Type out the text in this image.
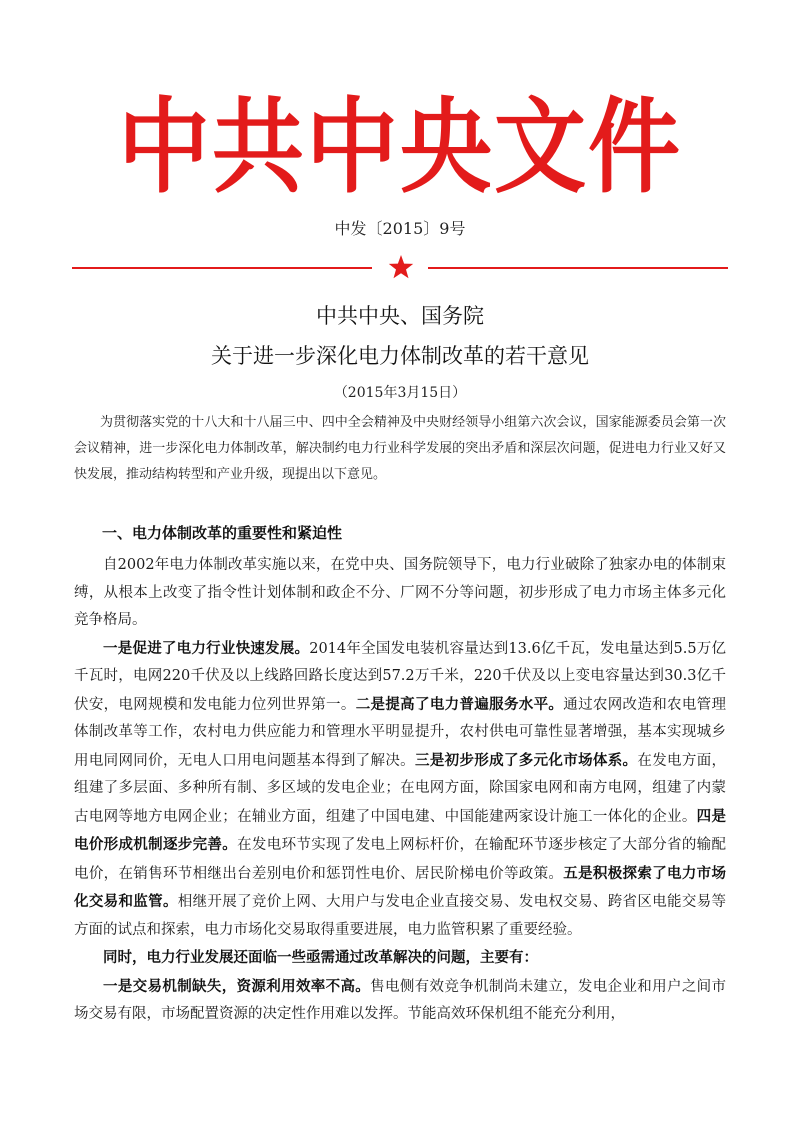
中共中央文件
中发〔2015〕9号
中共中央、国务院
关于进一步深化电力体制改革的若干意见
（2015年3月15日）
为贯彻落实党的十八大和十八届三中、四中全会精神及中央财经领导小组第六次会议，国家能源委员会第一次会议精神，进一步深化电力体制改革，解决制约电力行业科学发展的突出矛盾和深层次问题，促进电力行业又好又快发展，推动结构转型和产业升级，现提出以下意见。
一、电力体制改革的重要性和紧迫性

自2002年电力体制改革实施以来，在党中央、国务院领导下，电力行业破除了独家办电的体制束缚，从根本上改变了指令性计划体制和政企不分、厂网不分等问题，初步形成了电力市场主体多元化竞争格局。

一是促进了电力行业快速发展。2014年全国发电装机容量达到13.6亿千瓦，发电量达到5.5万亿千瓦时，电网220千伏及以上线路回路长度达到57.2万千米，220千伏及以上变电容量达到30.3亿千伏安，电网规模和发电能力位列世界第一。二是提高了电力普遍服务水平。通过农网改造和农电管理体制改革等工作，农村电力供应能力和管理水平明显提升，农村供电可靠性显著增强，基本实现城乡用电同网同价，无电人口用电问题基本得到了解决。三是初步形成了多元化市场体系。在发电方面，组建了多层面、多种所有制、多区域的发电企业；在电网方面，除国家电网和南方电网，组建了内蒙古电网等地方电网企业；在辅业方面，组建了中国电建、中国能建两家设计施工一体化的企业。四是电价形成机制逐步完善。在发电环节实现了发电上网标杆价，在输配环节逐步核定了大部分省的输配电价，在销售环节相继出台差别电价和惩罚性电价、居民阶梯电价等政策。五是积极探索了电力市场化交易和监管。相继开展了竞价上网、大用户与发电企业直接交易、发电权交易、跨省区电能交易等方面的试点和探索，电力市场化交易取得重要进展，电力监管积累了重要经验。

同时，电力行业发展还面临一些亟需通过改革解决的问题，主要有：

一是交易机制缺失，资源利用效率不高。售电侧有效竞争机制尚未建立，发电企业和用户之间市场交易有限，市场配置资源的决定性作用难以发挥。节能高效环保机组不能充分利用，
